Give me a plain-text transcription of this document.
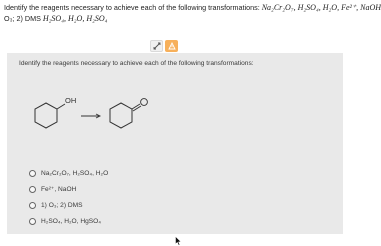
Identify the reagents necessary to achieve each of the following transformations: Na₂Cr₂O₇, H₂SO₄, H₂O, Fe²⁺, NaOH
O₃; 2) DMS H₂SO₄, H₂O, H₂SO₄
Identify the reagents necessary to achieve each of the following transformations:
OH
Na₂Cr₂O₇, H₂SO₄, H₂O
Fe²⁺, NaOH
1) O₃; 2) DMS
H₂SO₄, H₂O, HgSO₄
